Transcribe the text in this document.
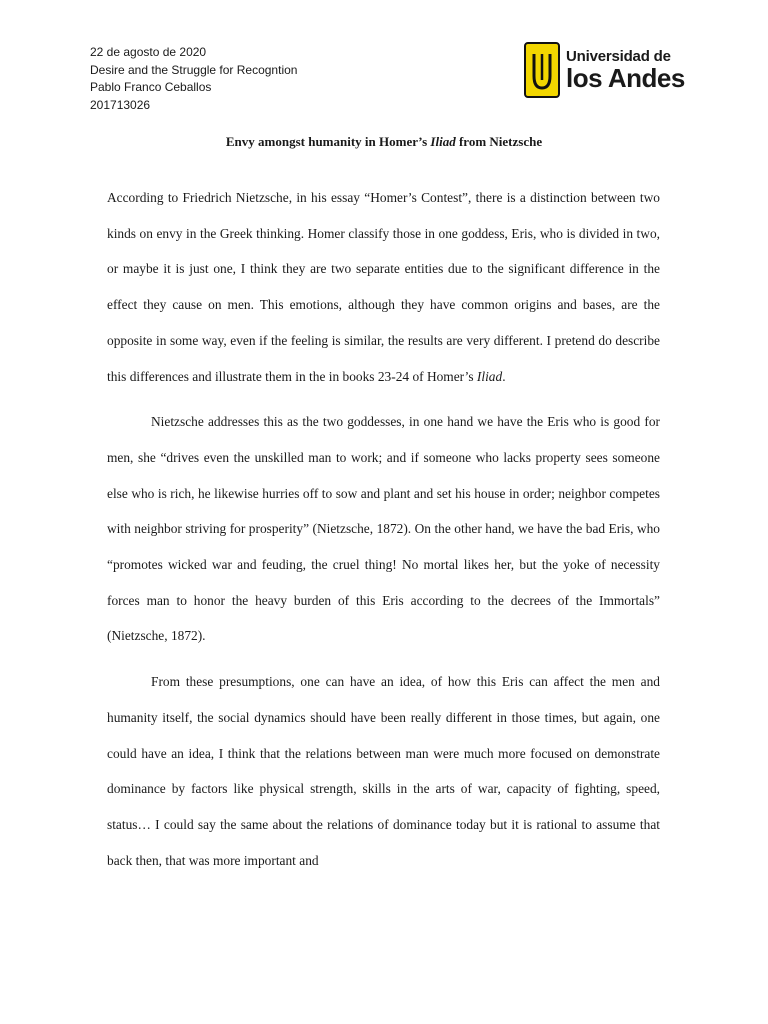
22 de agosto de 2020
Desire and the Struggle for Recogntion
Pablo Franco Ceballos
201713026
Universidad de
los Andes
Envy amongst humanity in Homer’s Iliad from Nietzsche

According to Friedrich Nietzsche, in his essay “Homer’s Contest”, there is a distinction between two kinds on envy in the Greek thinking. Homer classify those in one goddess, Eris, who is divided in two, or maybe it is just one, I think they are two separate entities due to the significant difference in the effect they cause on men. This emotions, although they have common origins and bases, are the opposite in some way, even if the feeling is similar, the results are very different. I pretend do describe this differences and illustrate them in the in books 23-24 of Homer’s Iliad.

Nietzsche addresses this as the two goddesses, in one hand we have the Eris who is good for men, she “drives even the unskilled man to work; and if someone who lacks property sees someone else who is rich, he likewise hurries off to sow and plant and set his house in order; neighbor competes with neighbor striving for prosperity” (Nietzsche, 1872). On the other hand, we have the bad Eris, who “promotes wicked war and feuding, the cruel thing! No mortal likes her, but the yoke of necessity forces man to honor the heavy burden of this Eris according to the decrees of the Immortals” (Nietzsche, 1872).

From these presumptions, one can have an idea, of how this Eris can affect the men and humanity itself, the social dynamics should have been really different in those times, but again, one could have an idea, I think that the relations between man were much more focused on demonstrate dominance by factors like physical strength, skills in the arts of war, capacity of fighting, speed, status… I could say the same about the relations of dominance today but it is rational to assume that back then, that was more important and
